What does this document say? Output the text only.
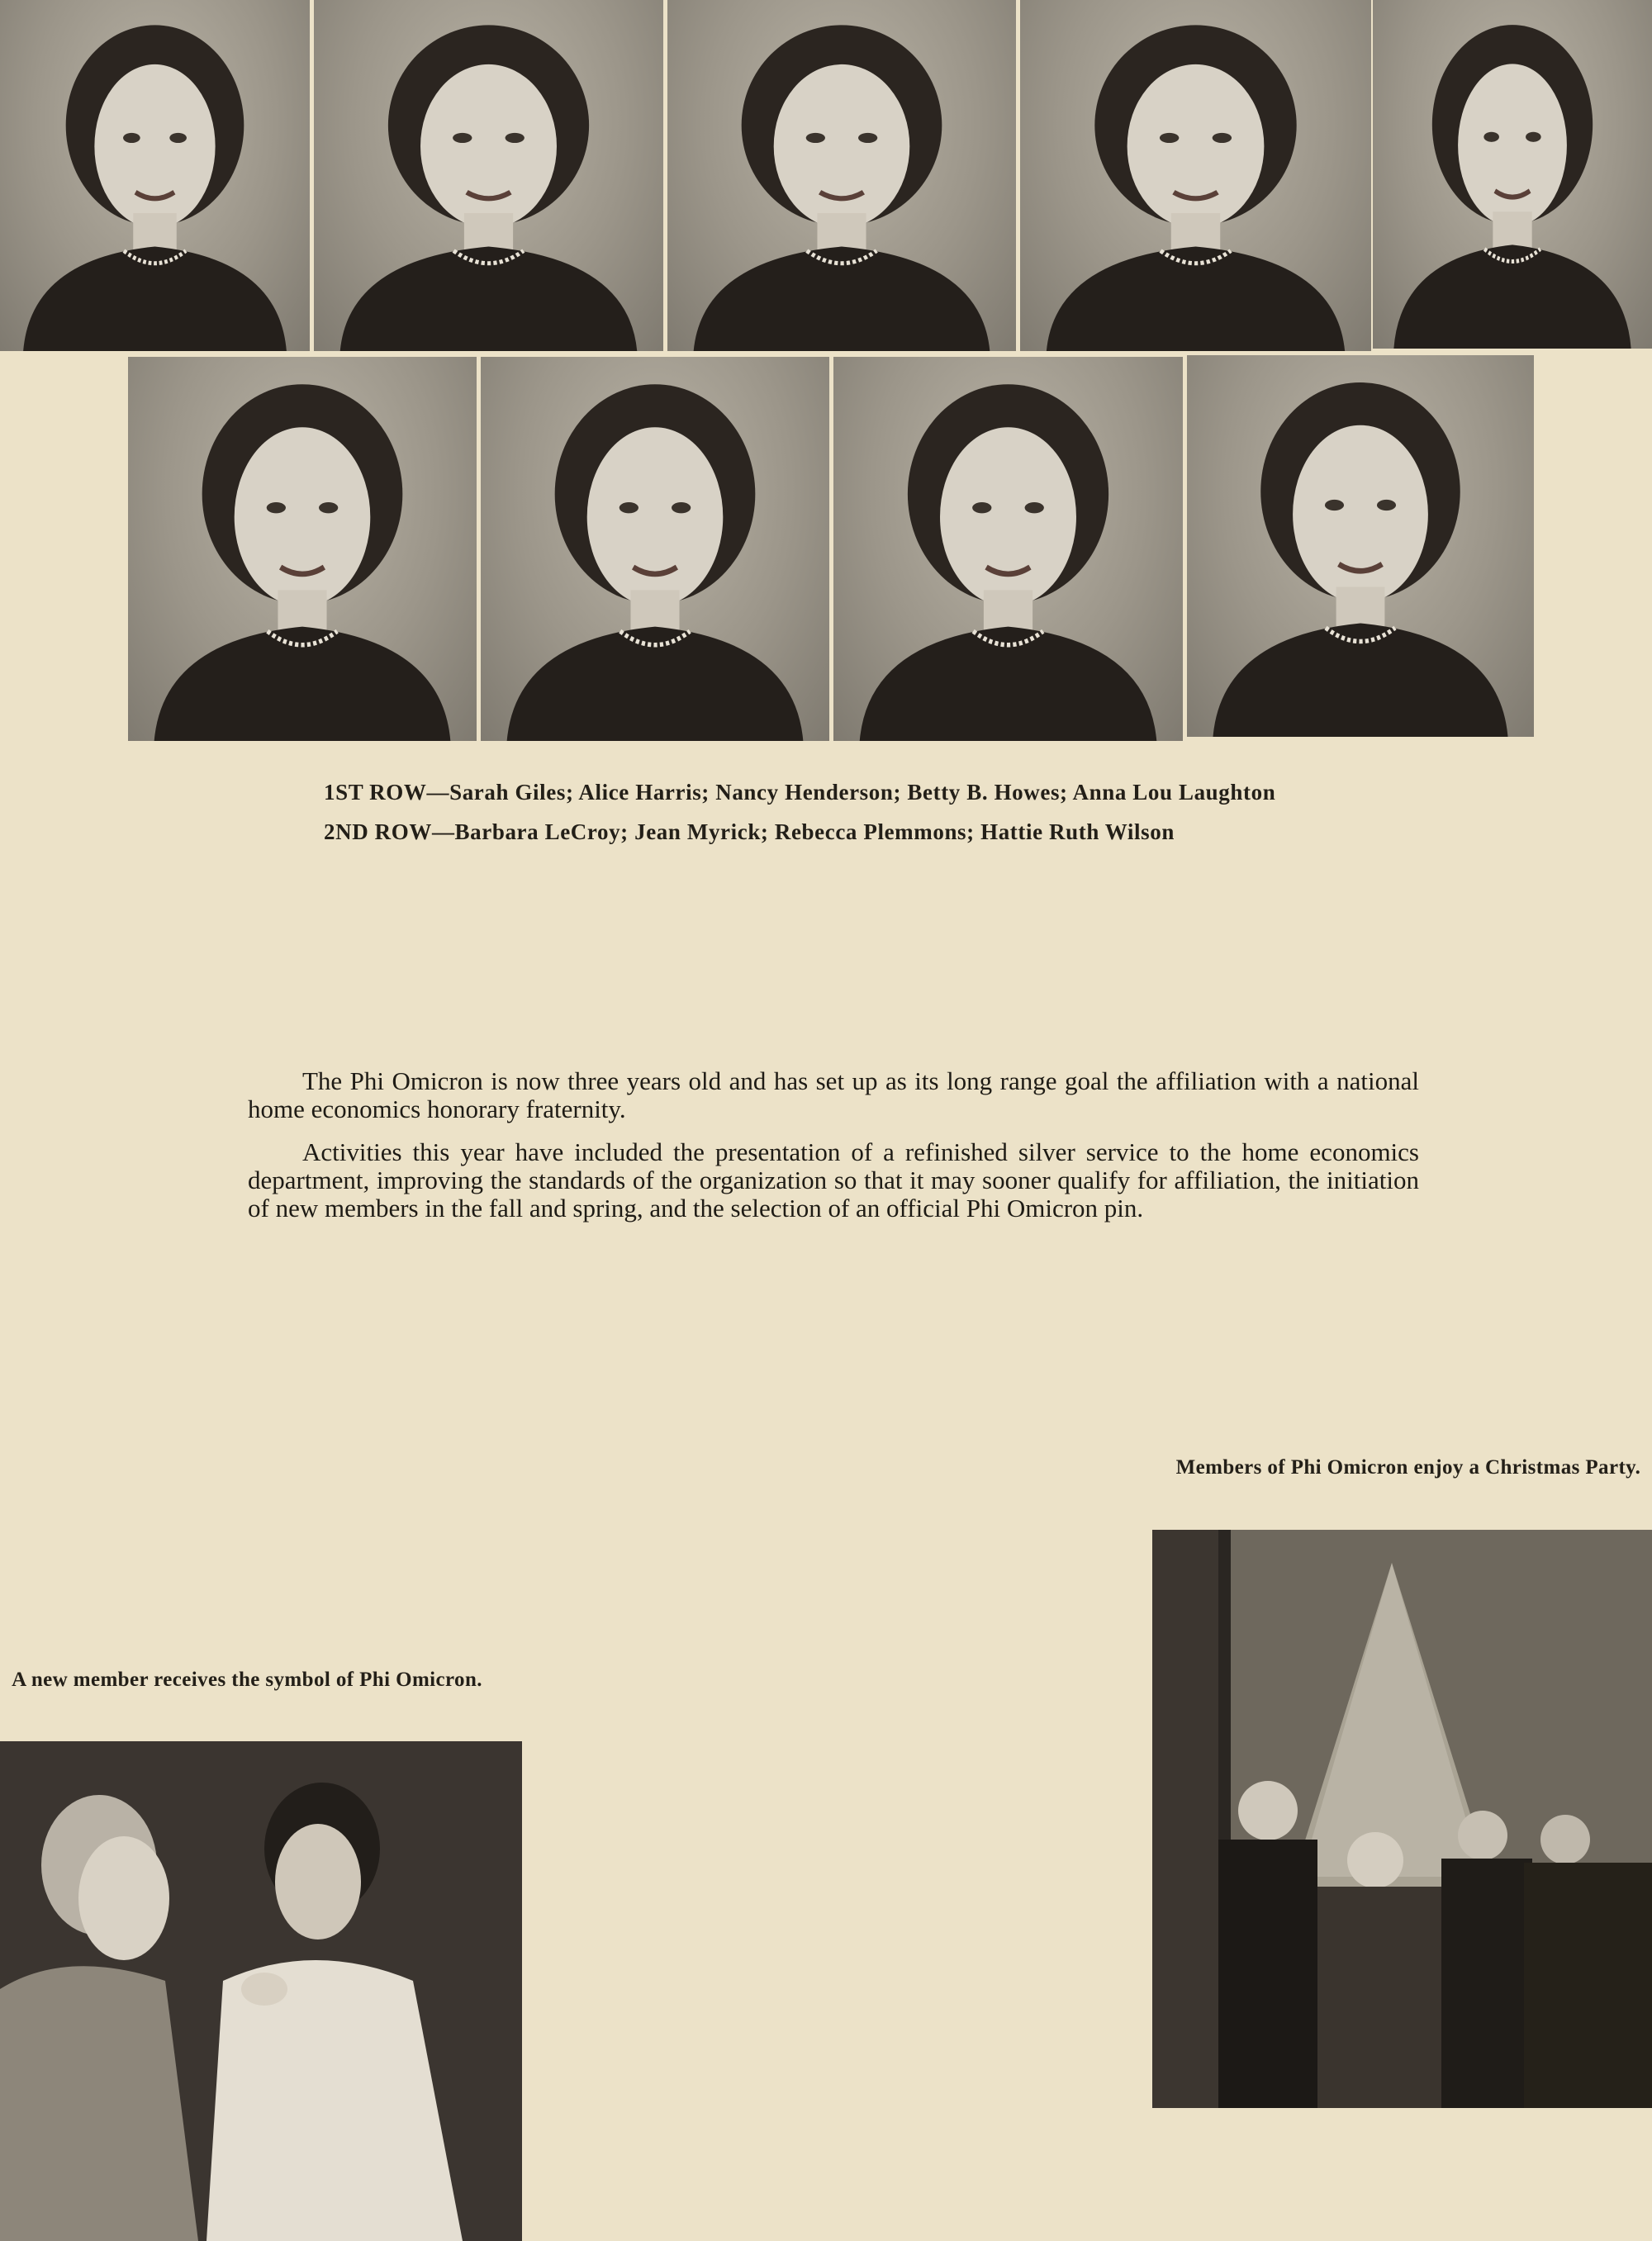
1ST ROW—Sarah Giles; Alice Harris; Nancy Henderson; Betty B. Howes; Anna Lou Laughton
2ND ROW—Barbara LeCroy; Jean Myrick; Rebecca Plemmons; Hattie Ruth Wilson

The Phi Omicron is now three years old and has set up as its long range goal the affiliation with a national home economics honorary fraternity.

Activities this year have included the presentation of a refinished silver service to the home economics department, improving the standards of the organization so that it may sooner qualify for affiliation, the initiation of new members in the fall and spring, and the selection of an official Phi Omicron pin.

Members of Phi Omicron enjoy a Christmas Party.
A new member receives the symbol of Phi Omicron.
